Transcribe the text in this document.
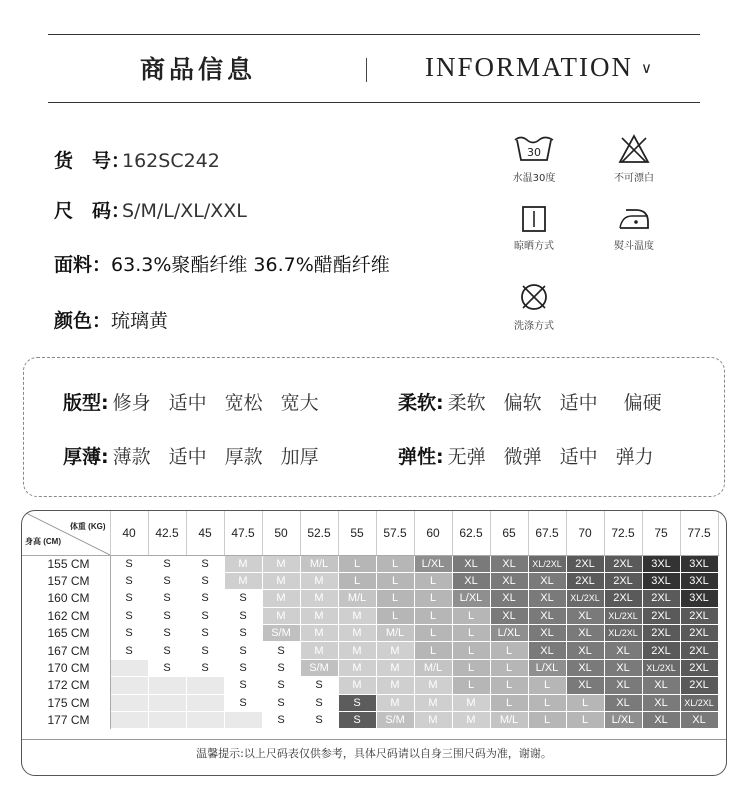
商品信息	INFORMATION ∨
货　号：
162SC242
尺　码：
S/M/L/XL/XXL
面料： 63.3%聚酯纤维 36.7%醋酯纤维
颜色： 琉璃黄
30
水温30度	不可漂白
晾晒方式	熨斗温度
洗涤方式
版型: 修身 适中 宽松 宽大	柔软: 柔软 偏软 适中 偏硬
厚薄: 薄款 适中 厚款 加厚	弹性: 无弹 微弹 适中 弹力
体重 (KG)
身高 (CM)	40	42.5	45	47.5	50	52.5	55	57.5	60	62.5	65	67.5	70	72.5	75	77.5
155 CM	S	S	S	M	M	M/L	L	L	L/XL	XL	XL	XL/2XL	2XL	2XL	3XL	3XL
157 CM	S	S	S	M	M	M	L	L	L	XL	XL	XL	2XL	2XL	3XL	3XL
160 CM	S	S	S	S	M	M	M/L	L	L	L/XL	XL	XL	XL/2XL	2XL	2XL	3XL
162 CM	S	S	S	S	M	M	M	L	L	L	XL	XL	XL	XL/2XL	2XL	2XL
165 CM	S	S	S	S	S/M	M	M	M/L	L	L	L/XL	XL	XL	XL/2XL	2XL	2XL
167 CM	S	S	S	S	S	M	M	M	L	L	L	XL	XL	XL	2XL	2XL
170 CM		S	S	S	S	S/M	M	M	M/L	L	L	L/XL	XL	XL	XL/2XL	2XL
172 CM				S	S	S	M	M	M	L	L	L	XL	XL	XL	2XL
175 CM				S	S	S	S	M	M	M	L	L	L	XL	XL	XL/2XL
177 CM					S	S	S	S/M	M	M	M/L	L	L	L/XL	XL	XL
温馨提示:以上尺码表仅供参考，具体尺码请以自身三围尺码为准，谢谢。
